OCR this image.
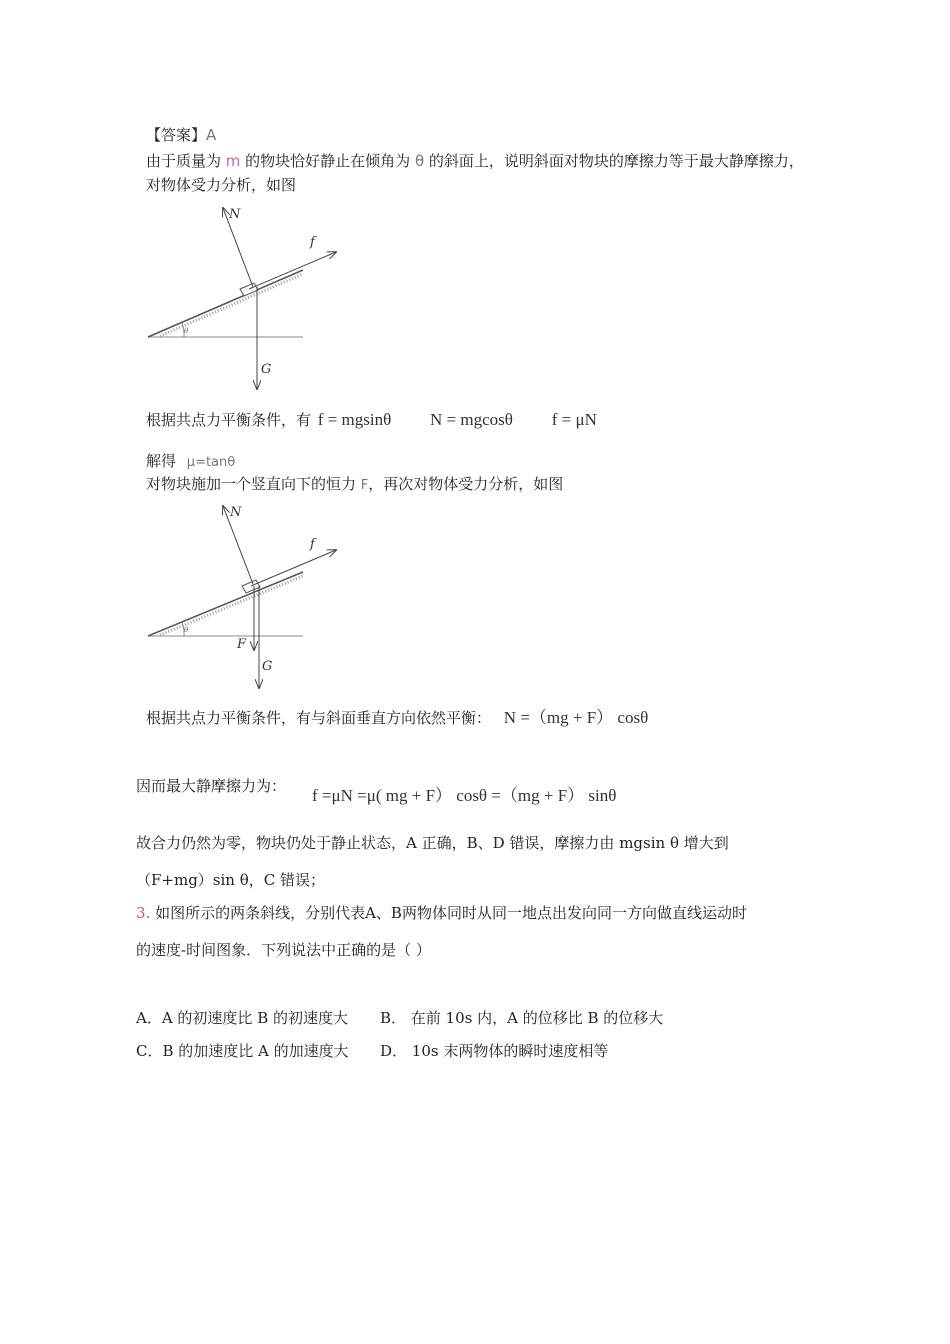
【答案】A
由于质量为 m 的物块恰好静止在倾角为 θ 的斜面上，说明斜面对物块的摩擦力等于最大静摩擦力，
对物体受力分析，如图
θ
N
f
G
根据共点力平衡条件，有 f = mgsinθ N = mgcosθ f = μN
解得 μ=tanθ
对物块施加一个竖直向下的恒力 F，再次对物体受力分析，如图
θ
N
f
F
G
根据共点力平衡条件，有与斜面垂直方向依然平衡： N =（mg + F） cosθ
因而最大静摩擦力为： f =μN =μ( mg + F） cosθ =（mg + F） sinθ
故合力仍然为零，物块仍处于静止状态，A 正确，B、D 错误，摩擦力由 mgsin θ 增大到
（F+mg）sin θ，C 错误；
3. 如图所示的两条斜线，分别代表A、B两物体同时从同一地点出发向同一方向做直线运动时
的速度-时间图象．下列说法中正确的是（ ）
A．A 的初速度比 B 的初速度大 B． 在前 10s 内，A 的位移比 B 的位移大
C．B 的加速度比 A 的加速度大 D． 10s 末两物体的瞬时速度相等
